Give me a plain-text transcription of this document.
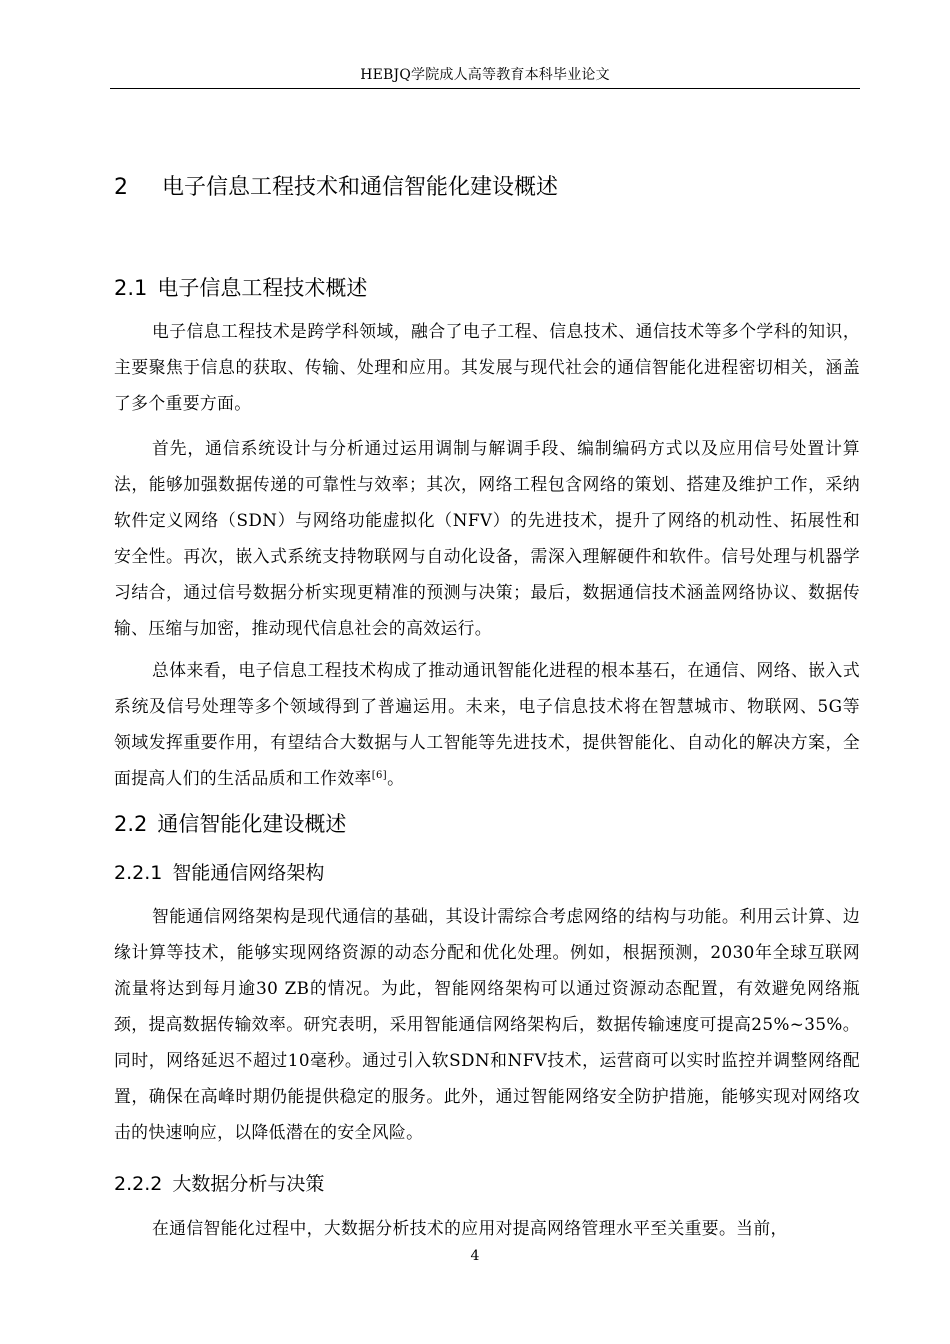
HEBJQ学院成人高等教育本科毕业论文
2 电子信息工程技术和通信智能化建设概述
2.1 电子信息工程技术概述

电子信息工程技术是跨学科领域，融合了电子工程、信息技术、通信技术等多个学科的知识，主要聚焦于信息的获取、传输、处理和应用。其发展与现代社会的通信智能化进程密切相关，涵盖了多个重要方面。

首先，通信系统设计与分析通过运用调制与解调手段、编制编码方式以及应用信号处置计算法，能够加强数据传递的可靠性与效率；其次，网络工程包含网络的策划、搭建及维护工作，采纳软件定义网络（SDN）与网络功能虚拟化（NFV）的先进技术，提升了网络的机动性、拓展性和安全性。再次，嵌入式系统支持物联网与自动化设备，需深入理解硬件和软件。信号处理与机器学习结合，通过信号数据分析实现更精准的预测与决策；最后，数据通信技术涵盖网络协议、数据传输、压缩与加密，推动现代信息社会的高效运行。

总体来看，电子信息工程技术构成了推动通讯智能化进程的根本基石，在通信、网络、嵌入式系统及信号处理等多个领域得到了普遍运用。未来，电子信息技术将在智慧城市、物联网、5G等领域发挥重要作用，有望结合大数据与人工智能等先进技术，提供智能化、自动化的解决方案，全面提高人们的生活品质和工作效率[6]。

2.2 通信智能化建设概述
2.2.1 智能通信网络架构

智能通信网络架构是现代通信的基础，其设计需综合考虑网络的结构与功能。利用云计算、边缘计算等技术，能够实现网络资源的动态分配和优化处理。例如，根据预测，2030年全球互联网流量将达到每月逾30 ZB的情况。为此，智能网络架构可以通过资源动态配置，有效避免网络瓶颈，提高数据传输效率。研究表明，采用智能通信网络架构后，数据传输速度可提高25%~35%。同时，网络延迟不超过10毫秒。通过引入软SDN和NFV技术，运营商可以实时监控并调整网络配置，确保在高峰时期仍能提供稳定的服务。此外，通过智能网络安全防护措施，能够实现对网络攻击的快速响应，以降低潜在的安全风险。

2.2.2 大数据分析与决策

在通信智能化过程中，大数据分析技术的应用对提高网络管理水平至关重要。当前，

4
